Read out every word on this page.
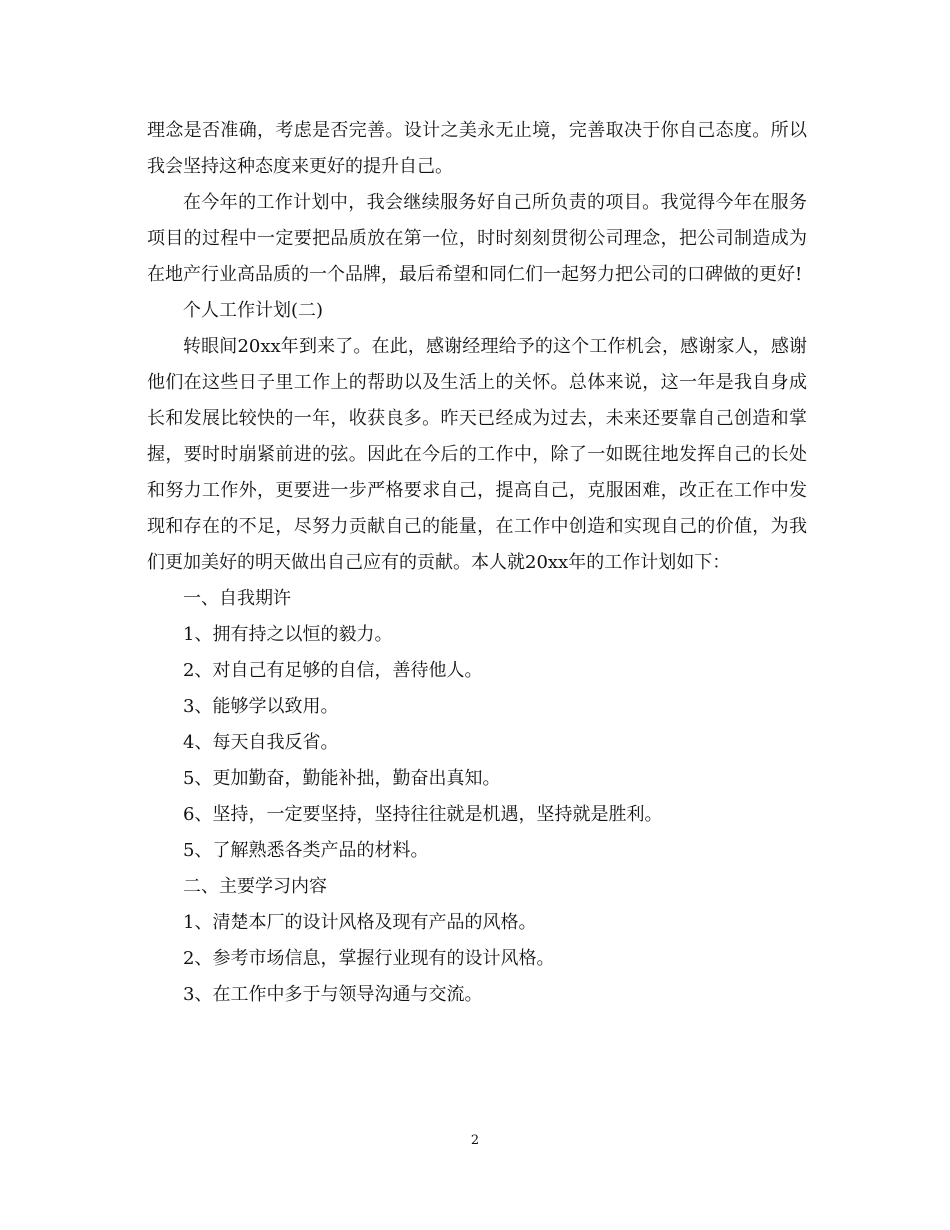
理念是否准确，考虑是否完善。设计之美永无止境，完善取决于你自己态度。所以我会坚持这种态度来更好的提升自己。

在今年的工作计划中，我会继续服务好自己所负责的项目。我觉得今年在服务项目的过程中一定要把品质放在第一位，时时刻刻贯彻公司理念，把公司制造成为在地产行业高品质的一个品牌，最后希望和同仁们一起努力把公司的口碑做的更好!

个人工作计划(二)

转眼间20xx年到来了。在此，感谢经理给予的这个工作机会，感谢家人，感谢他们在这些日子里工作上的帮助以及生活上的关怀。总体来说，这一年是我自身成长和发展比较快的一年，收获良多。昨天已经成为过去，未来还要靠自己创造和掌握，要时时崩紧前进的弦。因此在今后的工作中，除了一如既往地发挥自己的长处和努力工作外，更要进一步严格要求自己，提高自己，克服困难，改正在工作中发现和存在的不足，尽努力贡献自己的能量，在工作中创造和实现自己的价值，为我们更加美好的明天做出自己应有的贡献。本人就20xx年的工作计划如下：

一、自我期许

1、拥有持之以恒的毅力。

2、对自己有足够的自信，善待他人。

3、能够学以致用。

4、每天自我反省。

5、更加勤奋，勤能补拙，勤奋出真知。

6、坚持，一定要坚持，坚持往往就是机遇，坚持就是胜利。

5、了解熟悉各类产品的材料。

二、主要学习内容

1、清楚本厂的设计风格及现有产品的风格。

2、参考市场信息，掌握行业现有的设计风格。

3、在工作中多于与领导沟通与交流。

2
